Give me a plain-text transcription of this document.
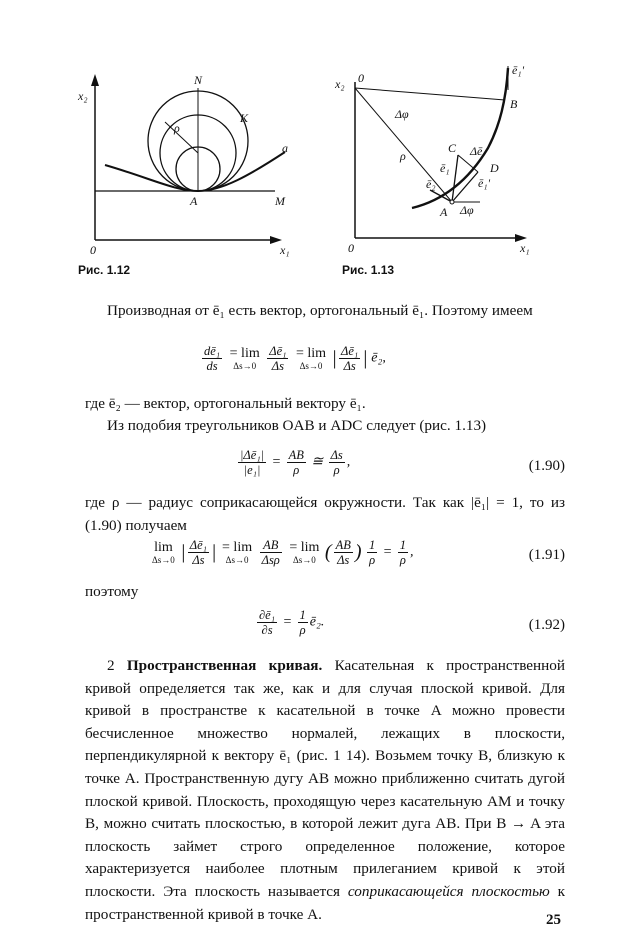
x₂
x₁
0
N
K
ρ
a
A	M
Рис. 1.12
x₂ 0
x₁
0
B
Δφ
ρ
C Δē
D
ē₁
ē₁'
ē₁'
ē₂
A Δφ
Рис. 1.13
Производная от ē₁ есть вектор, ортогональный ē₁. Поэтому имеем
$\frac{\text{dē₁}}{ds}$
= lim
Δs→0
$\frac{\text{Δē₁}}{\Delta s}$
= lim
Δs→0 | $\frac{\text{Δē₁}}{\Delta s}$ | ē₂,
где ē₂ — вектор, ортогональный вектору ē₁.
Из подобия треугольников OAB и ADC следует (рис. 1.13)
$\frac{\text{|Δē₁|}}{\text{|e₁|}} = \frac{AB}{\rho}$ ≅ $\frac{\Delta s}{\rho}$ ,	(1.90)
где ρ — радиус соприкасающейся окружности. Так как |ē₁| = 1, то из (1.90) получаем
lim
Δs→0 | $\frac{\text{Δē₁}}{\Delta s}$ | = lim
Δs→0
$\frac{AB}{\text{Δsρ}}$
= lim
Δs→0 ( $\frac{AB}{\Delta s}$ ) $\frac{1}{\rho} = \frac{1}{\rho}$ ,	(1.91)
поэтому
$\frac{\text{∂ē₁}}{\partial s} = \frac{1}{\rho}$ ē₂.	(1.92)
2 Пространственная кривая. Касательная к пространственной кривой определяется так же, как и для случая плоской кривой. Для кривой в пространстве к касательной в точке A можно провести бесчисленное множество нормалей, лежащих в плоскости, перпендикулярной к вектору ē₁ (рис. 1 14). Возьмем точку B, близкую к точке A. Пространственную дугу AB можно приближенно считать дугой плоской кривой. Плоскость, проходящую через касательную AM и точку B, можно считать плоскостью, в которой лежит дуга AB. При B → A эта плоскость займет строго определенное положение, которое характеризуется наиболее плотным прилеганием кривой к этой плоскости. Эта плоскость называется соприкасающейся плоскостью к пространственной кривой в точке A.	25
